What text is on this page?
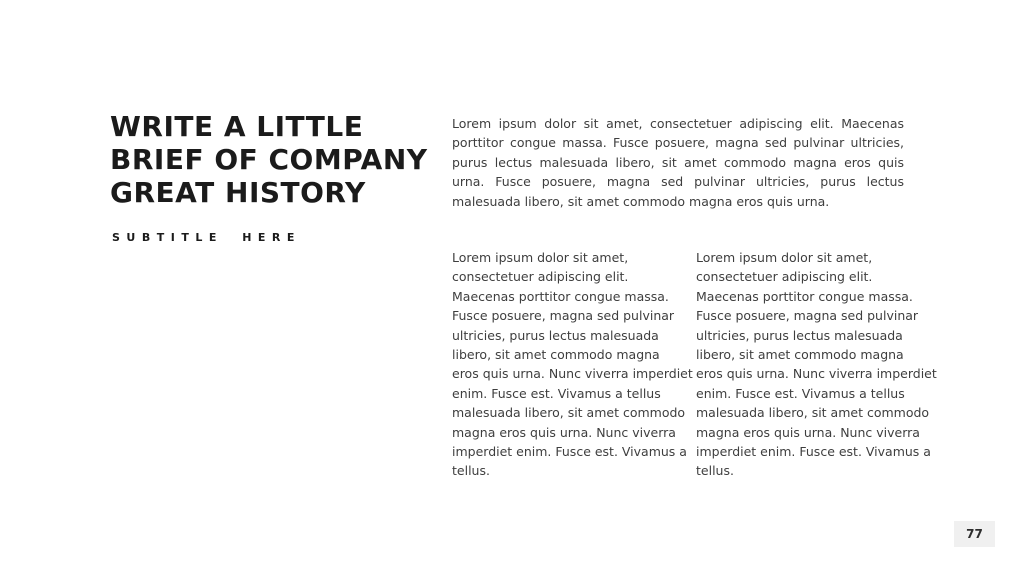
WRITE A LITTLE
BRIEF OF COMPANY
GREAT HISTORY
SUBTITLE HERE
Lorem ipsum dolor sit amet, consectetuer adipiscing elit. Maecenas porttitor congue massa. Fusce posuere, magna sed pulvinar ultricies, purus lectus malesuada libero, sit amet commodo magna eros quis urna. Fusce posuere, magna sed pulvinar ultricies, purus lectus malesuada libero, sit amet commodo magna eros quis urna.
Lorem ipsum dolor sit amet,
consectetuer adipiscing elit.
Maecenas porttitor congue massa.
Fusce posuere, magna sed pulvinar
ultricies, purus lectus malesuada
libero, sit amet commodo magna
eros quis urna. Nunc viverra imperdiet
enim. Fusce est. Vivamus a tellus
malesuada libero, sit amet commodo
magna eros quis urna. Nunc viverra
imperdiet enim. Fusce est. Vivamus a
tellus.
Lorem ipsum dolor sit amet,
consectetuer adipiscing elit.
Maecenas porttitor congue massa.
Fusce posuere, magna sed pulvinar
ultricies, purus lectus malesuada
libero, sit amet commodo magna
eros quis urna. Nunc viverra imperdiet
enim. Fusce est. Vivamus a tellus
malesuada libero, sit amet commodo
magna eros quis urna. Nunc viverra
imperdiet enim. Fusce est. Vivamus a
tellus.
77
